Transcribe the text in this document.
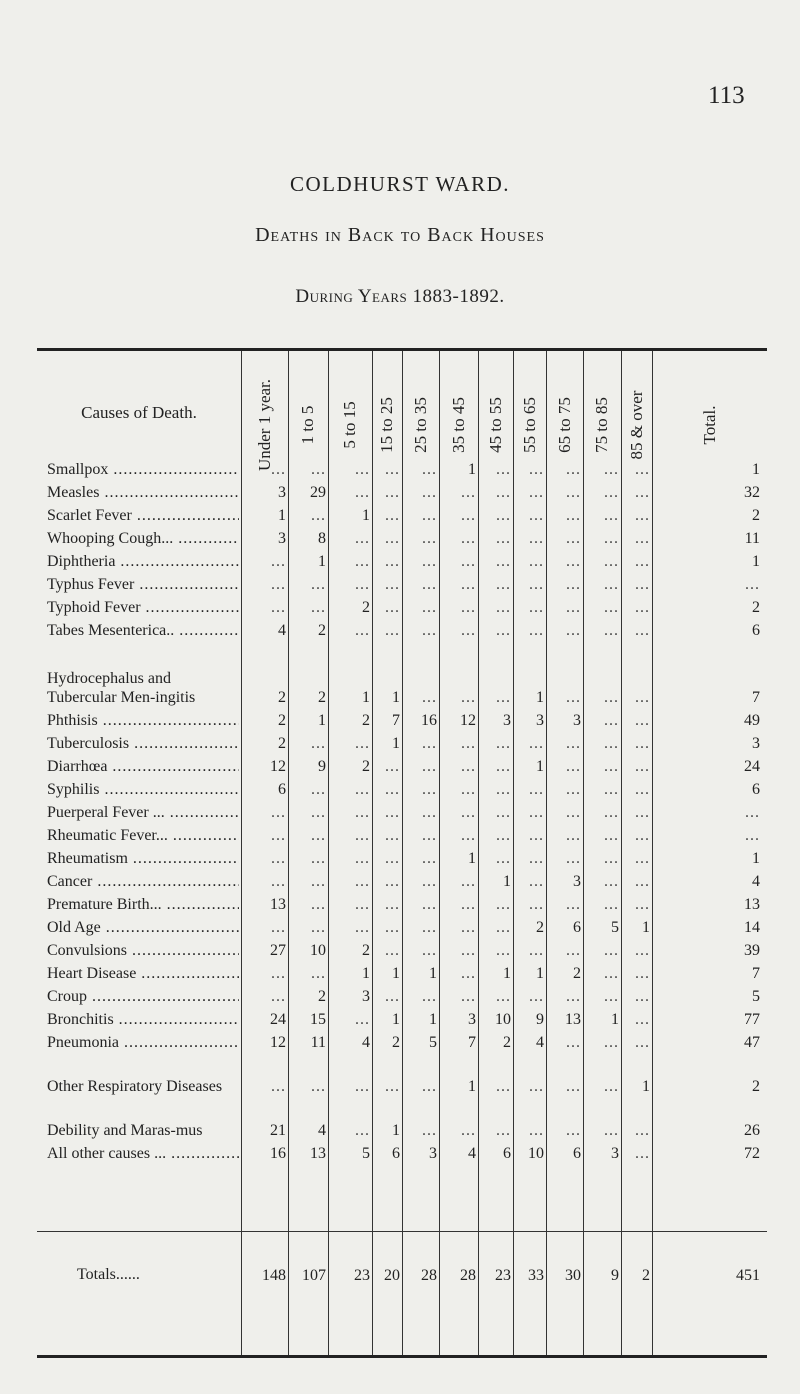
113
COLDHURST WARD.
Deaths in Back to Back Houses
During Years 1883-1892.
Causes of Death.	Under 1 year.	1 to 5	5 to 15	15 to 25 25 to 35	35 to 45	45 to 55 55 to 65 65 to 75	75 to 85 85 & over	Total.
Smallpox .....	...	...	... ...	...	1	...	...	...	...	...	1
Measles .....	3	29	... ...	...	...	...	...	...	...	...	32
Scarlet Fever .....	1	...	1 ...	...	...	...	...	...	...	...	2
Whooping Cough... .....	3	8	... ...	...	...	...	...	...	...	...	11
Diphtheria .....	...	1	... ...	...	...	...	...	...	...	...	1
Typhus Fever .....	...	...	... ...	...	...	...	...	...	...	...	...
Typhoid Fever .....	...	...	2 ...	...	...	...	...	...	...	...	2
Tabes Mesenterica.. .....	4	2	... ...	...	...	...	...	...	...	...	6
Hydrocephalus and Tubercular Men-ingitis	2	2	1	1	...	...	...	1	...	...	...	7
Phthisis .....	2	1	2	7	16	12	3	3	3	...	...	49
Tuberculosis .....	2	...	...	1	...	...	...	...	...	...	...	3
Diarrhœa .....	12	9	2 ...	...	...	...	1	...	...	...	24
Syphilis .....	6	...	... ...	...	...	...	...	...	...	...	6
Puerperal Fever ... .....	...	...	... ...	...	...	...	...	...	...	...	...
Rheumatic Fever... .....	...	...	... ...	...	...	...	...	...	...	...	...
Rheumatism .....	...	...	... ...	...	1	...	...	...	...	...	1
Cancer .....	...	...	... ...	...	...	1	...	3	...	...	4
Premature Birth... .....	13	...	... ...	...	...	...	...	...	...	...	13
Old Age .....	...	...	... ...	...	...	...	2	6	5	1	14
Convulsions .....	27	10	2 ...	...	...	...	...	...	...	...	39
Heart Disease .....	...	...	1	1	1	...	1	1	2	...	...	7
Croup .....	...	2	3 ...	...	...	...	...	...	...	...	5
Bronchitis .....	24	15	...	1	1	3	10	9	13	1	...	77
Pneumonia .....	12	11	4	2	5	7	2	4	...	...	...	47
Other Respiratory Diseases	...	...	... ...	...	1	...	...	...	...	1	2
Debility and Maras-mus	21	4	...	1	...	...	...	...	...	...	...	26
All other causes ... .....	16	13	5	6	3	4	6	10	6	3	...	72
Totals......	148	107	23 20	28	28	23	33	30	9	2	451
